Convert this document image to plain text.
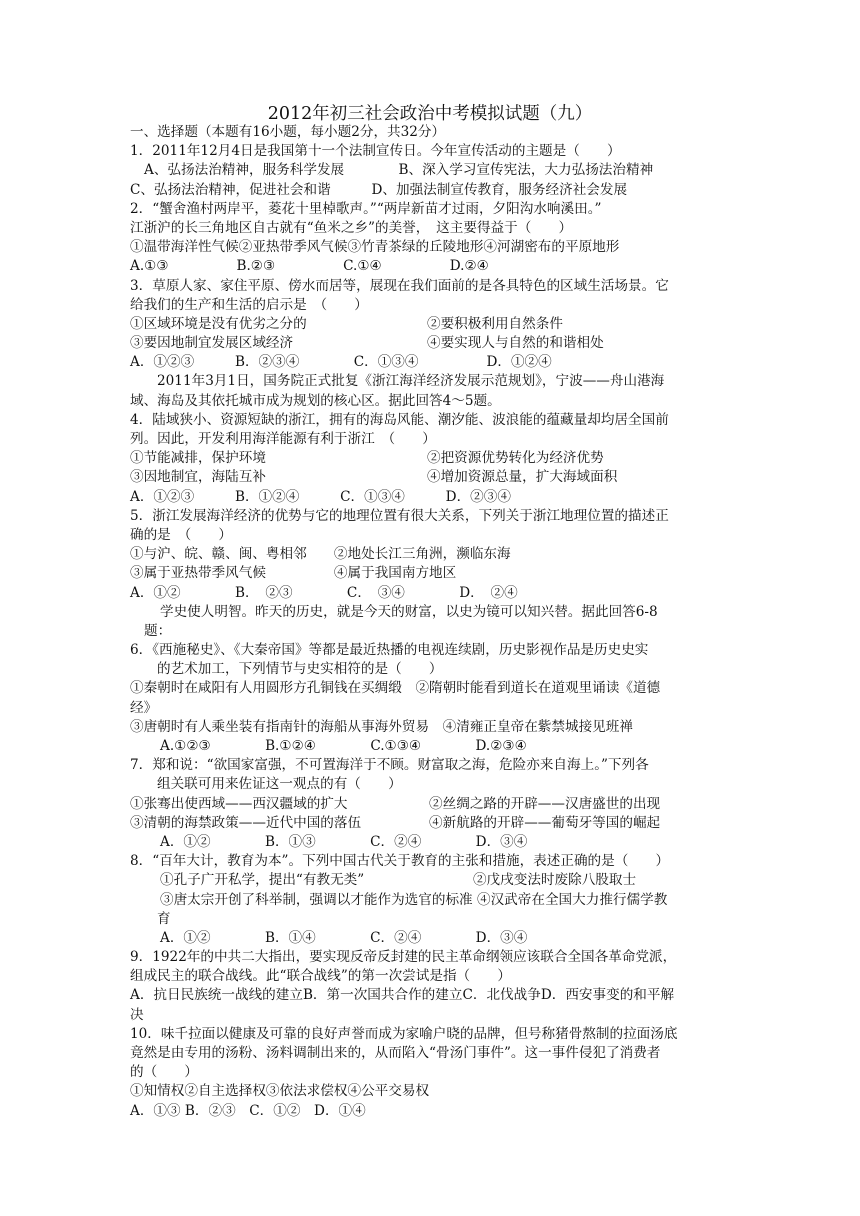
2012年初三社会政治中考模拟试题（九）
一、选择题（本题有16小题，每小题2分，共32分）
1．2011年12月4日是我国第十一个法制宣传日。今年宣传活动的主题是（　　）
A、弘扬法治精神，服务科学发展　　　　B、深入学习宣传宪法，大力弘扬法治精神
C、弘扬法治精神，促进社会和谐　　　D、加强法制宣传教育，服务经济社会发展
2．“蟹舍渔村两岸平，菱花十里棹歌声。”“两岸新苗才过雨，夕阳沟水响溪田。”
江浙沪的长三角地区自古就有“鱼米之乡”的美誉，　这主要得益于（　　）
①温带海洋性气候②亚热带季风气候③竹青茶绿的丘陵地形④河湖密布的平原地形
A.①③　　　　　B.②③　　　　　C.①④　　　　　D.②④
3．草原人家、家住平原、傍水而居等，展现在我们面前的是各具特色的区域生活场景。它
给我们的生产和生活的启示是　（　　）
①区域环境是没有优劣之分的	②要积极利用自然条件
③要因地制宜发展区域经济	④要实现人与自然的和谐相处
A．①②③　　　B．②③④　　　　C．①③④　　　　　D．①②④
2011年3月1日，国务院正式批复《浙江海洋经济发展示范规划》，宁波——舟山港海
域、海岛及其依托城市成为规划的核心区。据此回答4～5题。
4．陆域狭小、资源短缺的浙江，拥有的海岛风能、潮汐能、波浪能的蕴藏量却均居全国前
列。因此，开发利用海洋能源有利于浙江　（　　）
①节能减排，保护环境	②把资源优势转化为经济优势
③因地制宜，海陆互补	④增加资源总量，扩大海域面积
A．①②③　　　B．①②④　　　C．①③④　　　D．②③④
5．浙江发展海洋经济的优势与它的地理位置有很大关系，下列关于浙江地理位置的描述正
确的是　（　　）
①与沪、皖、赣、闽、粤相邻　　②地处长江三角洲，濒临东海
③属于亚热带季风气候　　　　　④属于我国南方地区
A．①②　　　　B．　②③　　　　C．　③④　　　　D．　②④
学史使人明智。昨天的历史，就是今天的财富，以史为镜可以知兴替。据此回答6-8
题：
6．《西施秘史》、《大秦帝国》等都是最近热播的电视连续剧，历史影视作品是历史史实
的艺术加工，下列情节与史实相符的是（　　）
①秦朝时在咸阳有人用圆形方孔铜钱在买绸缎　②隋朝时能看到道长在道观里诵读《道德
经》
③唐朝时有人乘坐装有指南针的海船从事海外贸易　④清雍正皇帝在紫禁城接见班禅
A.①②③　　　　B.①②④　　　　C.①③④　　　　D.②③④
7．郑和说：“欲国家富强，不可置海洋于不顾。财富取之海，危险亦来自海上。”下列各
组关联可用来佐证这一观点的有（　　）
①张骞出使西域——西汉疆域的扩大　　　　　　②丝绸之路的开辟——汉唐盛世的出现
③清朝的海禁政策——近代中国的落伍　　　　　④新航路的开辟——葡萄牙等国的崛起
A．①②　　　　B．①③　　　　C．②④　　　　D．③④
8．“百年大计，教育为本”。下列中国古代关于教育的主张和措施，表述正确的是（　　）
①孔子广开私学，提出“有教无类”　　　　　　　　②戊戌变法时废除八股取士
③唐太宗开创了科举制，强调以才能作为选官的标准 ④汉武帝在全国大力推行儒学教
育
A．①②　　　　B．①④　　　　C．②④　　　　D．③④
9．1922年的中共二大指出，要实现反帝反封建的民主革命纲领应该联合全国各革命党派，
组成民主的联合战线。此“联合战线”的第一次尝试是指（　　）
A．抗日民族统一战线的建立B．第一次国共合作的建立C．北伐战争D．西安事变的和平解
决
10．味千拉面以健康及可靠的良好声誉而成为家喻户晓的品牌，但号称猪骨熬制的拉面汤底
竟然是由专用的汤粉、汤料调制出来的，从而陷入“骨汤门事件”。这一事件侵犯了消费者
的（　　）
①知情权②自主选择权③依法求偿权④公平交易权
A．①③ B．②③　C．①②　D．①④
